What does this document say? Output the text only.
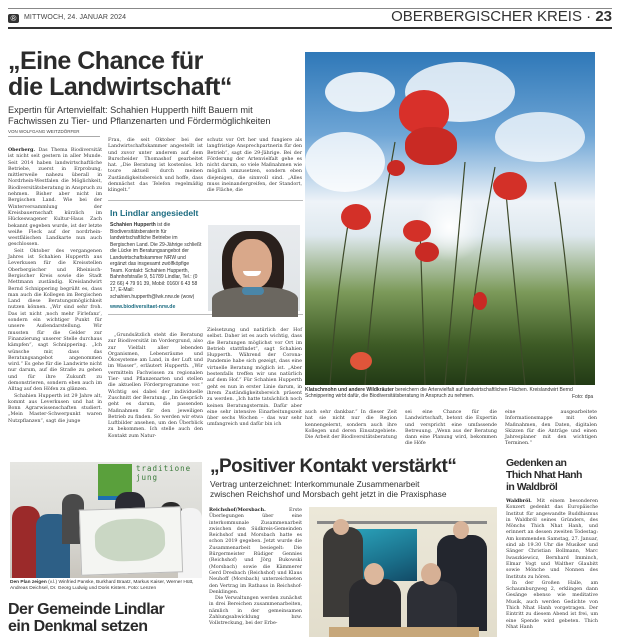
®	MITTWOCH, 24. JANUAR 2024	OBERBERGISCHER KREIS · 23
„Eine Chance für
die Landwirtschaft“
Expertin für Artenvielfalt: Schahien Hupperth hilft Bauern mit
Fachwissen zu Tier- und Pflanzenarten und Fördermöglichkeiten
VON WOLFGANG WEITZDÖRFER

Oberberg. Das Thema Biodiversität ist nicht seit gestern in aller Munde. Seit 2014 haben landwirtschaftliche Betriebe, zuerst in Erprobung, mittlerweile nahezu überall in Nordrhein-Westfalen die Möglichkeit, Biodiversitätsberatung in Anspruch zu nehmen. Bisher aber nicht im Bergischen Land. Wie bei der Winterversammlung der Kreisbauernschaft kürzlich im Hückeswagener Kultur-Haus Zach bekannt gegeben wurde, ist der letzte weiße Fleck auf der nordrhein-westfälischen Landkarte nun auch geschlossen.

Seit Oktober des vergangenen Jahres ist Schahien Hupperth aus Leverkusen für die Kreisstellen Oberbergischer und Rheinisch-Bergischer Kreis sowie die Stadt Mettmann zuständig. Kreislandwirt Bernd Schnippering begrüßt es, dass man auch die Kollegen im Bergischen Land diese Beratungsmöglichkeit nutzen können. „Wir sind sehr froh. Das ist nicht ‚noch mehr Firlefanz‘, sondern ein wichtiger Punkt für unsere Außendarstellung. Wir mussten für die Gelder zur Finanzierung unserer Stelle durchaus kämpfen“, sagt Schnippering. „Ich wünsche mir, dass das Beratungsangebot angenommen wird.“ Es gehe für die Landwirte nicht nur darum, auf die Straße zu gehen und für ihre Zukunft zu demonstrieren, sondern eben auch im Alltag auf den Höfen zu glänzen.

Schahien Hupperth ist 29 Jahre alt, kommt aus Leverkusen und hat in Bonn Agrarwissenschaften studiert. „Mein Master-Schwerpunkt waren Nutzpflanzen“, sagt die junge

Frau, die seit Oktober bei der Landwirtschaftskammer angestellt ist und zuvor unter anderem auf dem Burscheider Thomashof gearbeitet hat. „Die Beratung ist kostenlos. Ich toure aktuell durch meinen Zuständigkeitsbereich und hoffe, dass demnächst das Telefon regelmäßig klingelt.“
schutz vor Ort her und fungiere als langfristige Ansprechpartnerin für den Betrieb“, sagt die 29-Jährige. Bei der Förderung der Artenvielfalt gehe es nicht darum, so viele Maßnahmen wie möglich umzusetzen, sondern eben diejenigen, die sinnvoll sind. „Alles muss ineinandergreifen, der Standort, die Fläche, die
In Lindlar angesiedelt
Schahien Hupperth ist die Biodiversitätsberaterin für landwirtschaftliche Betriebe im Bergischen Land. Die 29-Jährige schließt die Lücke im Beratungsangebot der Landwirtschaftskammer NRW und ergänzt das insgesamt zwölfköpfige Team. Kontakt: Schahien Hupperth, Bahnhofstraße 9, 51789 Lindlar, Tel.: (0 22 66) 4 79 91 39, Mobil: 0160/ 6 43 58 17, E-Mail: schahien.hupperth@lwk.nrw.de (wow)
www.biodiversitaet-nrw.de
„Grundsätzlich steht die Beratung zur Biodiversität im Vordergrund, also zur Vielfalt aller lebenden Organismen, Lebensräume und Ökosysteme am Land, in der Luft und im Wasser“, erläutert Hupperth. „Wir vermitteln Fachwissen zu regionalen Tier- und Pflanzenarten und stellen die aktuellen Förderprogramme vor.“ Wichtig sei dabei der individuelle Zuschnitt der Beratung. „Im Gespräch geht es darum, die passenden Maßnahmen für den jeweiligen Betrieb zu finden. So werden wir etwa Luftbilder ansehen, um den Überblick zu bekommen. Ich stelle auch den Kontakt zum Natur-
Zielsetzung und natürlich der Hof selbst. Daher ist es auch wichtig, dass die Beratungen möglichst vor Ort im Betrieb stattfindet“, sagt Schahien Hupperth. Während der Corona-Pandemie habe sich gezeigt, dass eine virtuelle Beratung möglich ist. „Aber bestenfalls treffen wir uns natürlich auf dem Hof.“ Für Schahien Hupperth geht es nun in erster Linie darum, in ihrem Zuständigkeitsbereich präsent zu werden. „Ich hatte tatsächlich noch keinen Beratungstermin. Dafür aber eine sehr intensive Einarbeitungszeit über sechs Wochen – das war sehr umfangreich und dafür bin ich
Klatschmohn und andere Wildkräuter bereichern die Artenvielfalt auf landwirtschaftlichen Flächen. Kreislandwirt Bernd Schnippering wirbt dafür, die Biodiversitätsberatung in Anspruch zu nehmen.	Foto: dpa
auch sehr dankbar.“ In dieser Zeit hat sie nicht nur die Region kennengelernt, sondern auch ihre Kollegen und deren Einsatzgebiete. Die Arbeit der Biodiversitätsberatung
sei eine Chance für die Landwirtschaft, betont die Expertin und verspricht eine umfassende Betreuung. „Wenn aus der Beratung dann eine Planung wird, bekommen die Höfe
eine ausgearbeitete Informationsmappe mit den Maßnahmen, den Daten, digitalen Skizzen für die Anträge und einen Jahresplaner mit den wichtigen Terminen.“
traditione
jung
Den Plan zeigen (v.l.) Winfried Panske, Burkhard Braatz, Markus Kaiser, Werner Hütt, Andreas Deichsel, Dr. Georg Ludwig und Doris Kisters. Foto: Lenzen
Der Gemeinde Lindlar
ein Denkmal setzen
„Positiver Kontakt verstärkt“
Vertrag unterzeichnet: Interkommunale Zusammenarbeit
zwischen Reichshof und Morsbach geht jetzt in die Praxisphase

Reichshof/Morsbach.	Erste Überlegungen über eine interkommunale Zusammenarbeit zwischen den Südkreis-Gemeinden Reichshof und Morsbach hatte es schon 2019 gegeben. Jetzt wurde die Zusammenarbeit besiegelt: Die Bürgermeister Rüdiger Gennies (Reichshof) und Jörg Bukowski (Morsbach) sowie die Kämmerer Gerd Dresbach (Reichshof) und Klaus Neuhoff (Morsbach) unterzeichneten den Vertrag im Rathaus in Reichshof-Denklingen.

Die Verwaltungen werden zunächst in drei Bereichen zusammenarbeiten, nämlich in der gemeinsamen Zahlungsabwicklung bzw. Vollstreckung, bei der Erbe-

Gedenken an
Thich Nhat Hanh
in Waldbröl

Waldbröl. Mit einem besonderen Konzert gedenkt das Europäische Institut für angewandte Buddhismus in Waldbröl seines Gründers, des Mönchs Thich Nhat Hanh, und erinnert an dessen zweiten Todestag: Am kommenden Samstag, 27. Januar, sind ab 19.30 Uhr die Musiker und Sänger Christian Bollmann, Marc Iwaszkiewicz, Bernhard Imminch, Elmar Vogt und Walther Glaubitt sowie Mönche und Nonnen des Instituts zu hören.

In der Großen Halle, am Schaumburgweg 2, erklingen dann Gesänge ebenso wie meditative Musik, auch werden Gedichte von Thich Nhat Hanh vorgetragen. Der Eintritt zu diesem Abend ist frei, um eine Spende wird gebeten. Thich Nhat Hanh
